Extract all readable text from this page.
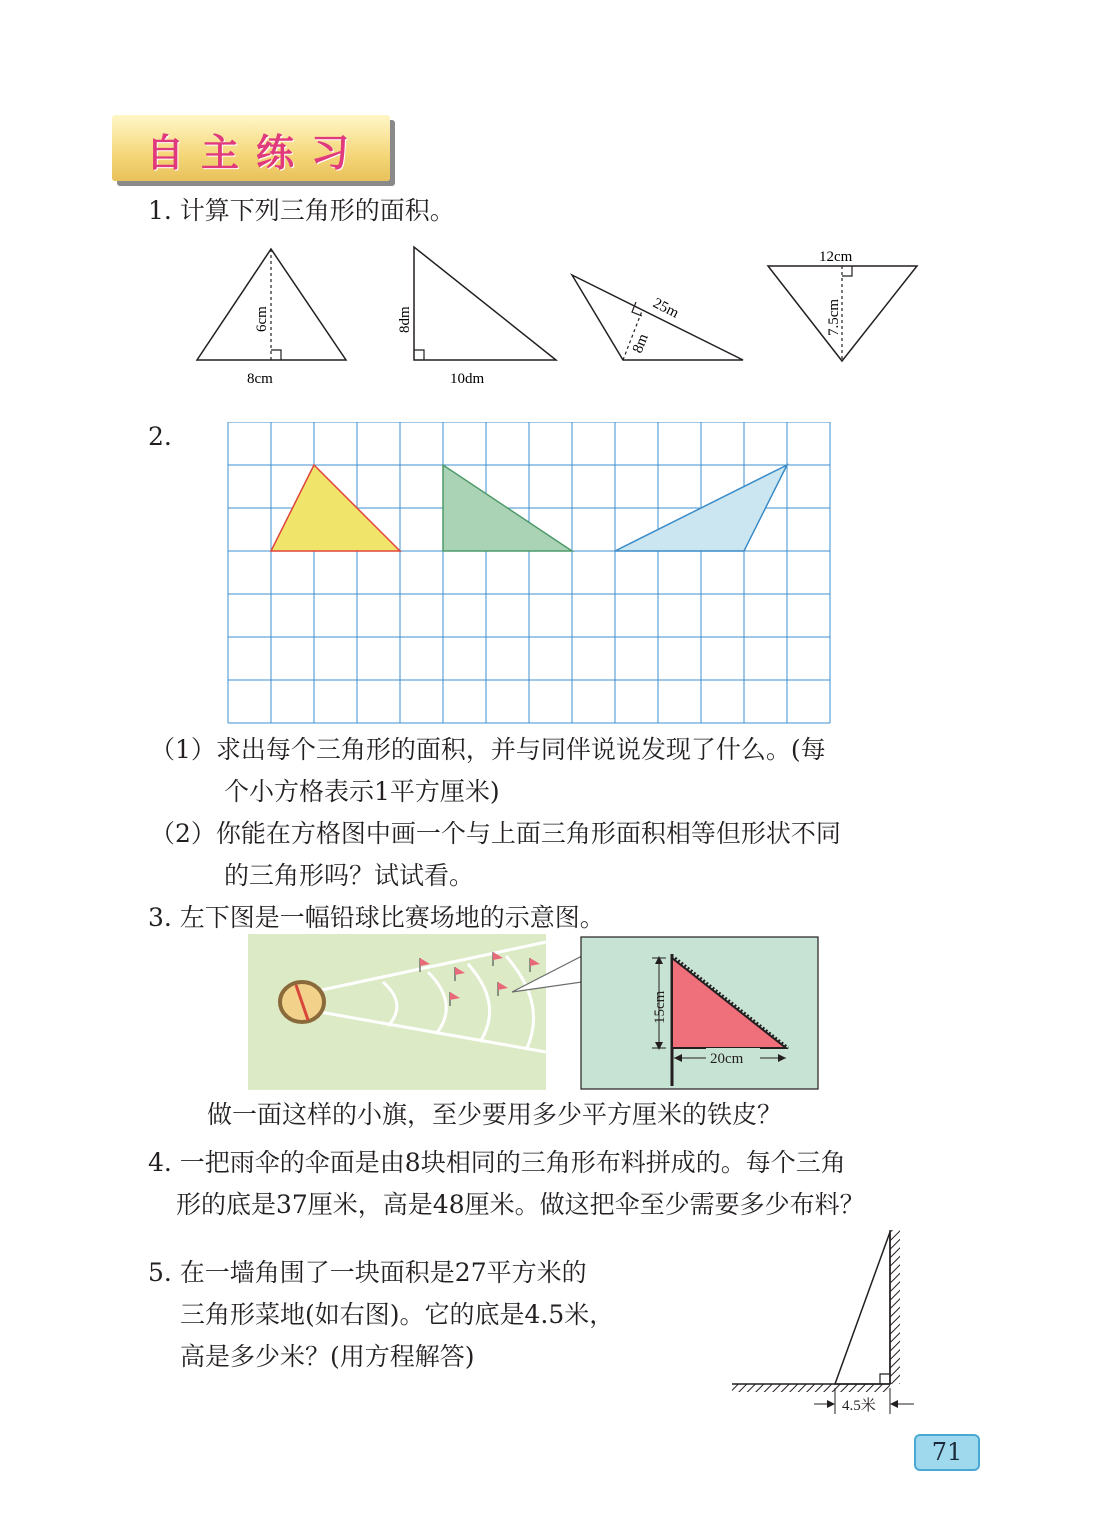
自主练习
1. 计算下列三角形的面积。
6cm
8cm
8dm
10dm
25m
8m
12cm
7.5cm
2.
（1）求出每个三角形的面积，并与同伴说说发现了什么。(每
个小方格表示1平方厘米)
（2）你能在方格图中画一个与上面三角形面积相等但形状不同
的三角形吗？试试看。
3. 左下图是一幅铅球比赛场地的示意图。
15cm
20cm
做一面这样的小旗，至少要用多少平方厘米的铁皮？
4. 一把雨伞的伞面是由8块相同的三角形布料拼成的。每个三角
形的底是37厘米，高是48厘米。做这把伞至少需要多少布料？
5. 在一墙角围了一块面积是27平方米的
三角形菜地(如右图)。它的底是4.5米，
高是多少米？(用方程解答)
4.5米
71
